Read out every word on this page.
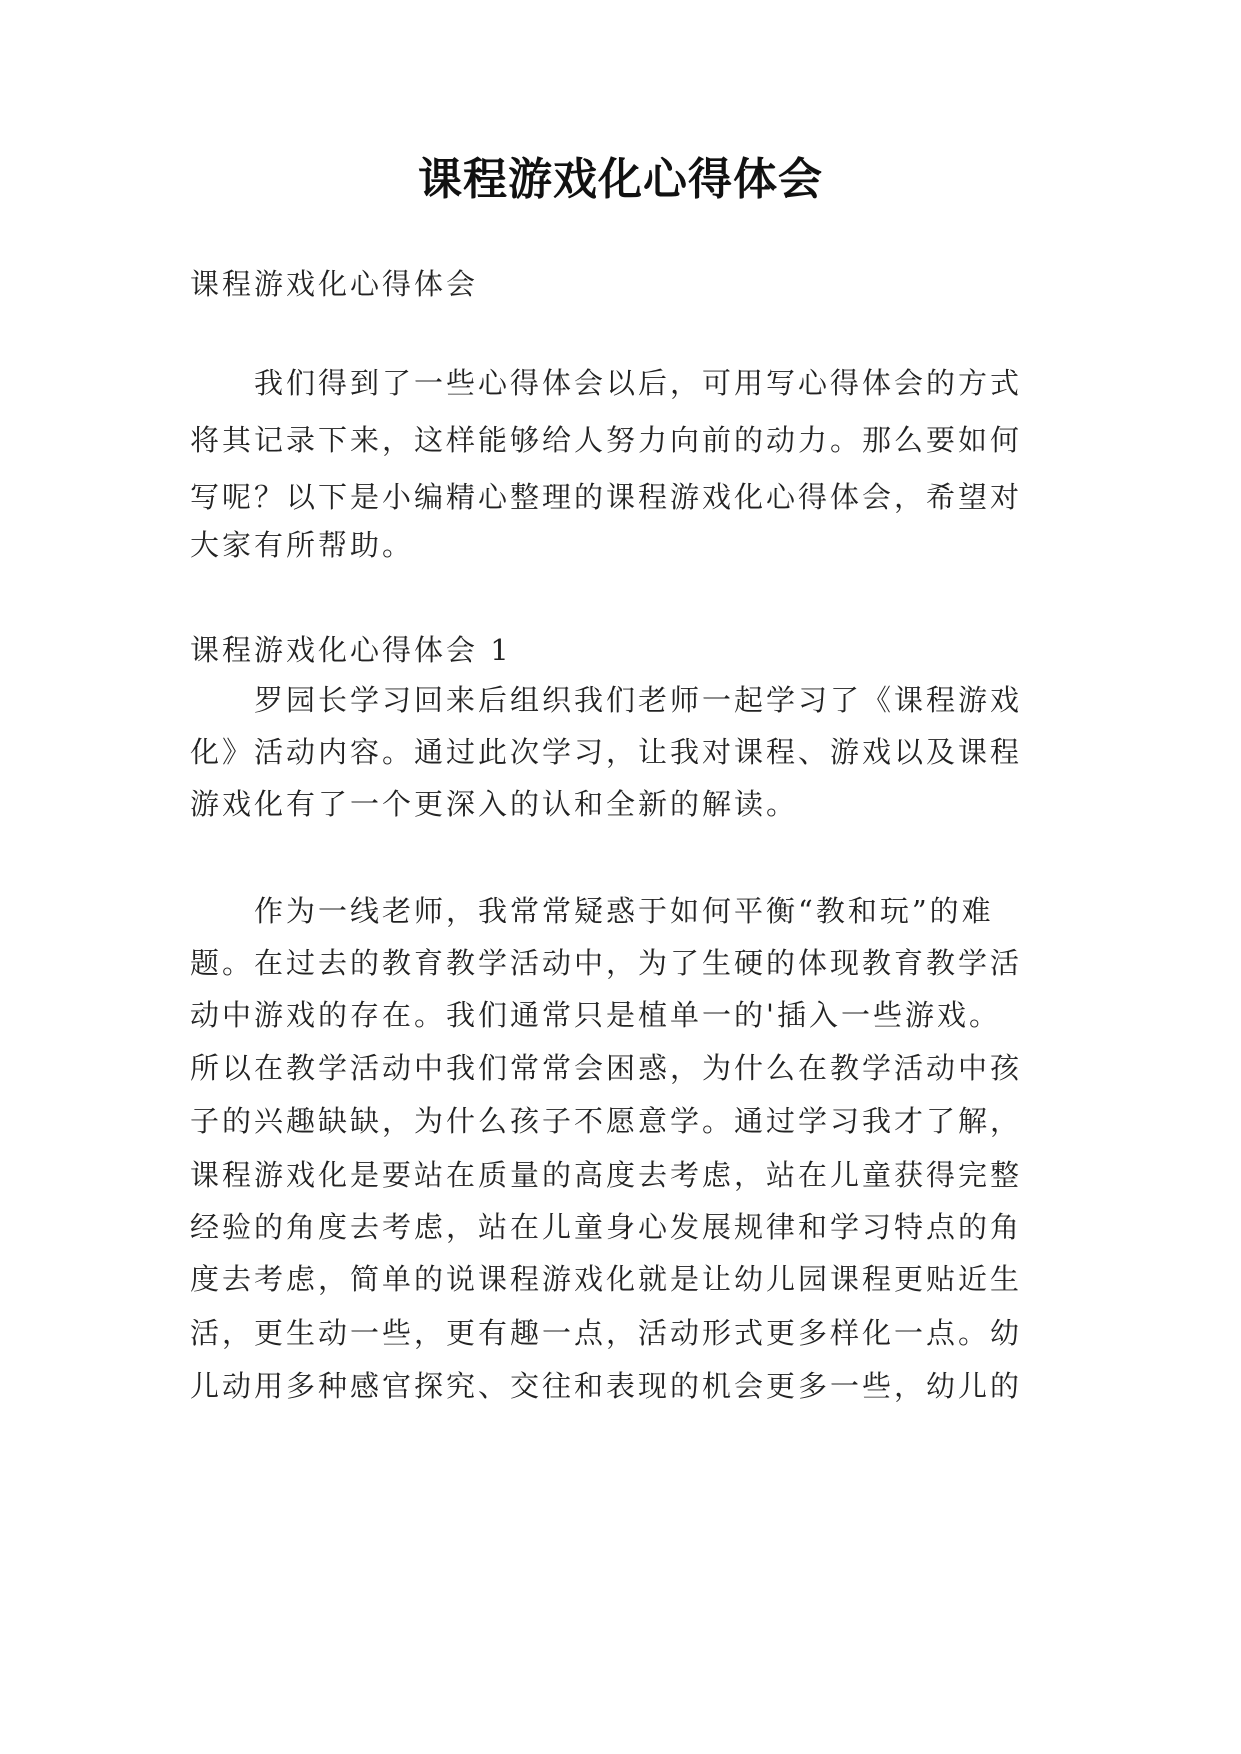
课程游戏化心得体会
课程游戏化心得体会
我们得到了一些心得体会以后，可用写心得体会的方式
将其记录下来，这样能够给人努力向前的动力。那么要如何
写呢？以下是小编精心整理的课程游戏化心得体会，希望对
大家有所帮助。
课程游戏化心得体会 1
罗园长学习回来后组织我们老师一起学习了《课程游戏
化》活动内容。通过此次学习，让我对课程、游戏以及课程
游戏化有了一个更深入的认和全新的解读。
作为一线老师，我常常疑惑于如何平衡“教和玩”的难
题。在过去的教育教学活动中，为了生硬的体现教育教学活
动中游戏的存在。我们通常只是植单一的'插入一些游戏。
所以在教学活动中我们常常会困惑，为什么在教学活动中孩
子的兴趣缺缺，为什么孩子不愿意学。通过学习我才了解，
课程游戏化是要站在质量的高度去考虑，站在儿童获得完整
经验的角度去考虑，站在儿童身心发展规律和学习特点的角
度去考虑，简单的说课程游戏化就是让幼儿园课程更贴近生
活，更生动一些，更有趣一点，活动形式更多样化一点。幼
儿动用多种感官探究、交往和表现的机会更多一些，幼儿的
